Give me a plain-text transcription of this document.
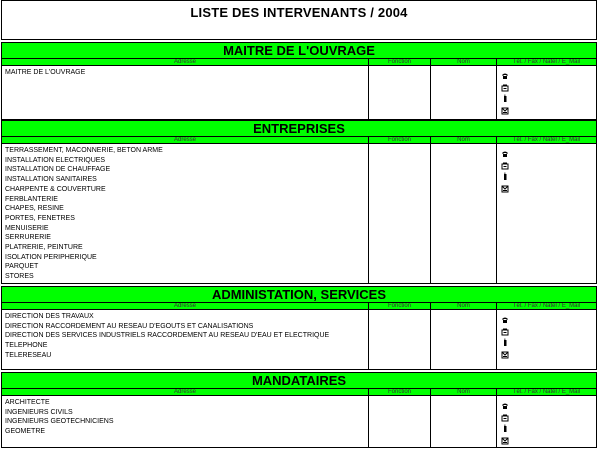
LISTE DES INTERVENANTS / 2004
MAITRE DE L'OUVRAGE
Adresse	Fonction	Nom	Tél. / Fax / Natel / E_Mail
MAITRE DE L'OUVRAGE
ENTREPRISES
Adresse	Fonction	Nom	Tél. / Fax / Natel / E_Mail
TERRASSEMENT, MACONNERIE, BETON ARME
INSTALLATION ELECTRIQUES
INSTALLATION DE CHAUFFAGE
INSTALLATION SANITAIRES
CHARPENTE & COUVERTURE
FERBLANTERIE
CHAPES, RESINE
PORTES, FENETRES
MENUISERIE
SERRURERIE
PLATRERIE, PEINTURE
ISOLATION PERIPHERIQUE
PARQUET
STORES
ADMINISTATION, SERVICES
Adresse	Fonction	Nom	Tél. / Fax / Natel / E_Mail
DIRECTION DES TRAVAUX
DIRECTION RACCORDEMENT AU RESEAU D'EGOUTS ET CANALISATIONS
DIRECTION DES SERVICES INDUSTRIELS RACCORDEMENT AU RESEAU D'EAU ET ELECTRIQUE
TELEPHONE
TELERESEAU
MANDATAIRES
Adresse	Fonction	Nom	Tél. / Fax / Natel / E_Mail
ARCHITECTE
INGENIEURS CIVILS
INGENIEURS GEOTECHNICIENS
GEOMETRE
